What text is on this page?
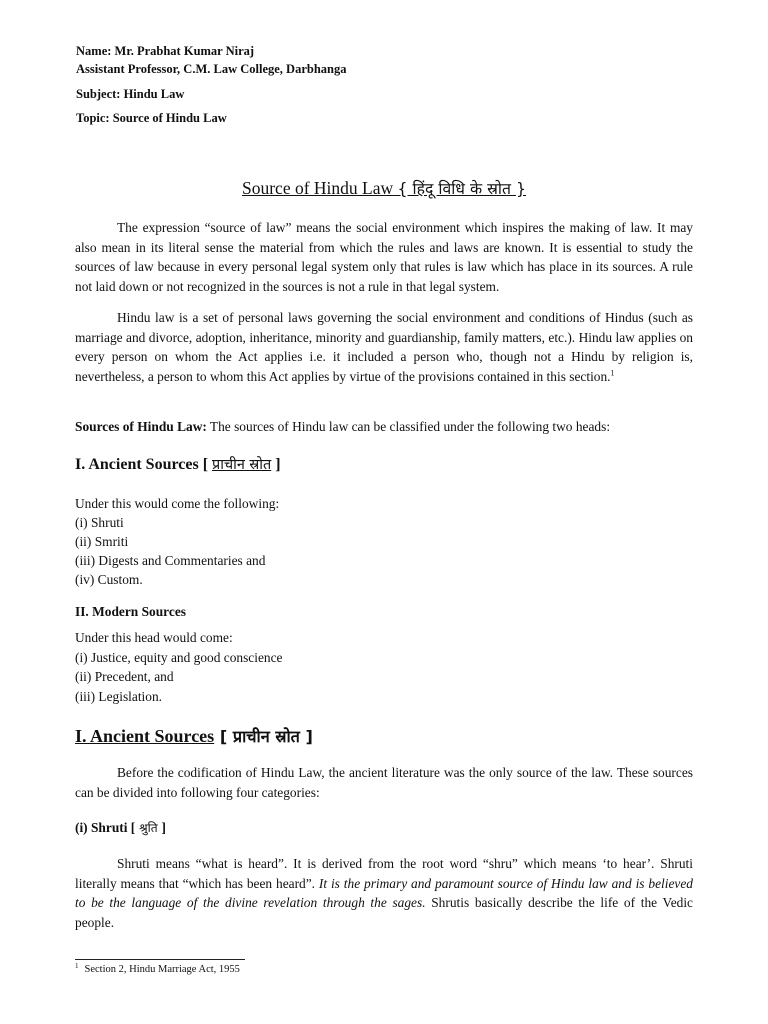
Name: Mr. Prabhat Kumar Niraj
Assistant Professor, C.M. Law College, Darbhanga
Subject: Hindu Law
Topic: Source of Hindu Law
Source of Hindu Law { हिंदू विधि के स्रोत }
The expression “source of law” means the social environment which inspires the making of law. It may also mean in its literal sense the material from which the rules and laws are known. It is essential to study the sources of law because in every personal legal system only that rules is law which has place in its sources. A rule not laid down or not recognized in the sources is not a rule in that legal system.
Hindu law is a set of personal laws governing the social environment and conditions of Hindus (such as marriage and divorce, adoption, inheritance, minority and guardianship, family matters, etc.). Hindu law applies on every person on whom the Act applies i.e. it included a person who, though not a Hindu by religion is, nevertheless, a person to whom this Act applies by virtue of the provisions contained in this section.$^1$
Sources of Hindu Law: The sources of Hindu law can be classified under the following two heads:
I. Ancient Sources [ प्राचीन स्रोत ]
Under this would come the following:
(i) Shruti
(ii) Smriti
(iii) Digests and Commentaries and
(iv) Custom.
II. Modern Sources
Under this head would come:
(i) Justice, equity and good conscience
(ii) Precedent, and
(iii) Legislation.
I. Ancient Sources [ प्राचीन स्रोत ]
Before the codification of Hindu Law, the ancient literature was the only source of the law. These sources can be divided into following four categories:
(i) Shruti [ श्रुति ]
Shruti means “what is heard”. It is derived from the root word “shru” which means ‘to hear’. Shruti literally means that “which has been heard”. It is the primary and paramount source of Hindu law and is believed to be the language of the divine revelation through the sages. Shrutis basically describe the life of the Vedic people.
$^1$ Section 2, Hindu Marriage Act, 1955
